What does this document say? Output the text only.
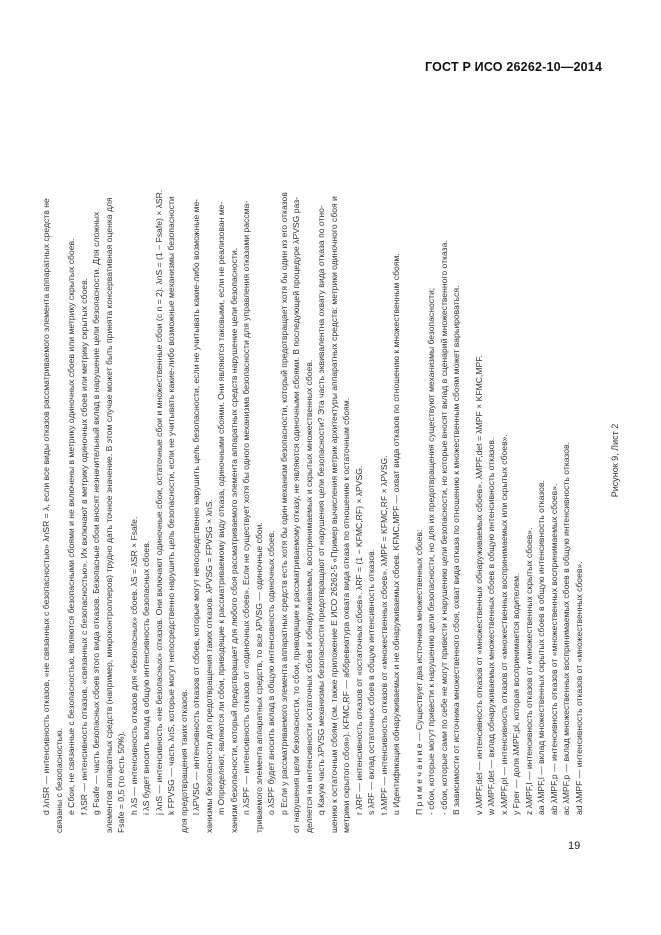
ГОСТ Р ИСО 26262-10—2014

d λnSR — интенсивность отказов, «не связанных с безопасностью» λnSR = λ, если все виды отказов рассматриваемого элемента аппаратных средств не связаны с безопасностью. e Сбои, не связанные с безопасностью, являются безопасными сбоями и не включены в метрику одиночных сбоев или метрику скрытых сбоев. f λSR — интенсивность отказов, «связанных с безопасностью». Их включают в метрику одиночных сбоев или метрику скрытых сбоев. g Fsafe — часть безопасных сбоев этого вида отказов. Безопасные сбои вносят незначительный вклад в нарушение цели безопасности. Для сложных элементов аппаратных средств (например, микроконтроллеров) трудно дать точное значение. В этом случае может быть принята консервативная оценка для Fsafe = 0,5 (то есть 50%). h λS — интенсивность отказов для «безопасных» сбоев. λS = λSR × Fsafe. i λS будет вносить вклад в общую интенсивность безопасных сбоев. j λnS — интенсивность «не безопасных» отказов. Они включают одиночные сбои, остаточные сбои и множественные сбои (с n = 2). λnS = (1 − Fsafe) × λSR. k FPVSG — часть λnS, которые могут непосредственно нарушить цель безопасности, если не учитывать какие-либо возможные механизмы безопасности для предотвращения таких отказов. l λPVSG — интенсивность отказов от сбоев, которые могут непосредственно нарушить цель безопасности, если не учитывать какие-либо возможные ме- ханизмы безопасности для предотвращения таких отказов. λPVSG = FPVSG × λnS. m Определяют, являются ли сбои, приводящие к рассматриваемому виду отказа, одиночными сбоями. Они являются таковыми, если не реализован ме- ханизм безопасности, который предотвращает для любого сбоя рассматриваемого элемента аппаратных средств нарушение цели безопасности. n λSPF — интенсивность отказов от «одиночных сбоев». Если не существует хотя бы одного механизма безопасности для управления отказами рассма- триваемого элемента аппаратных средств, то все λPVSG — одиночные сбои. o λSPF будет вносить вклад в общую интенсивность одиночных сбоев. p Если у рассматриваемого элемента аппаратных средств есть хотя бы один механизм безопасности, который предотвращает хотя бы один из его отказов от нарушения цели безопасности, то сбои, приводящие к рассматриваемому отказу, не являются одиночными сбоями. В последующей процедуре λPVSG раз- деляется на интенсивности остаточных сбоев и обнаруживаемых, воспринимаемых и скрытых множественных сбоев. q Какую часть λPVSG механизмы безопасности предотвращают от нарушения цели безопасности? Эта часть эквивалентна охвату вида отказа по отно- шению к остаточным сбоям (см. также приложение Е ИСО 26262-5 «Пример вычисления метрик архитектуры аппаратных средств: метрики одиночного сбоя и метрики скрытого сбоя»). KFMC,RF — аббревиатура охвата вида отказа по отношению к остаточным сбоям. r λRF — интенсивность отказов от «остаточных сбоев». λRF = (1 − KFMC,RF) × λPVSG. s λRF — вклад остаточных сбоев в общую интенсивность отказов. t λMPF — интенсивность отказов от «множественных сбоев». λMPF = KFMC,RF × λPVSG. u Идентификация обнаруживаемых и не обнаруживаемых сбоев. KFMC,MPF — охват вида отказов по отношению к множественным сбоям. П р и м е ч а н и е — Существует два источника множественных сбоев: - сбои, которые могут привести к нарушению цели безопасности, но для их предотвращения существуют механизмы безопасности; - сбои, которые сами по себе не могут привести к нарушению цели безопасности, но которые вносят вклад в сценарий множественного отказа. В зависимости от источника множественного сбоя, охват вида отказа по отношению к множественным сбоям может варьироваться. v λMPF,det — интенсивность отказов от «множественных обнаруживаемых сбоев». λMPF,det = λMPF × KFMC,MPF. w λMPF,det — вклад обнаруживаемых множественных сбоев в общую интенсивность отказов. x λMPF,pl — интенсивность отказов от «множественных воспринимаемых или скрытых сбоев». y Fper — доля λMPF,pl, которая воспринимается водителем. z λMPF,l — интенсивность отказов от «множественных скрытых сбоев». aa λMPF,l — вклад множественных скрытых сбоев в общую интенсивность отказов. ab λMPF,p — интенсивность отказов от «множественных воспринимаемых сбоев». ac λMPF,p — вклад множественных воспринимаемых сбоев в общую интенсивность отказов. ad λMPF — интенсивность отказов от «множественных сбоев».

Рисунок 9, Лист 2

19
